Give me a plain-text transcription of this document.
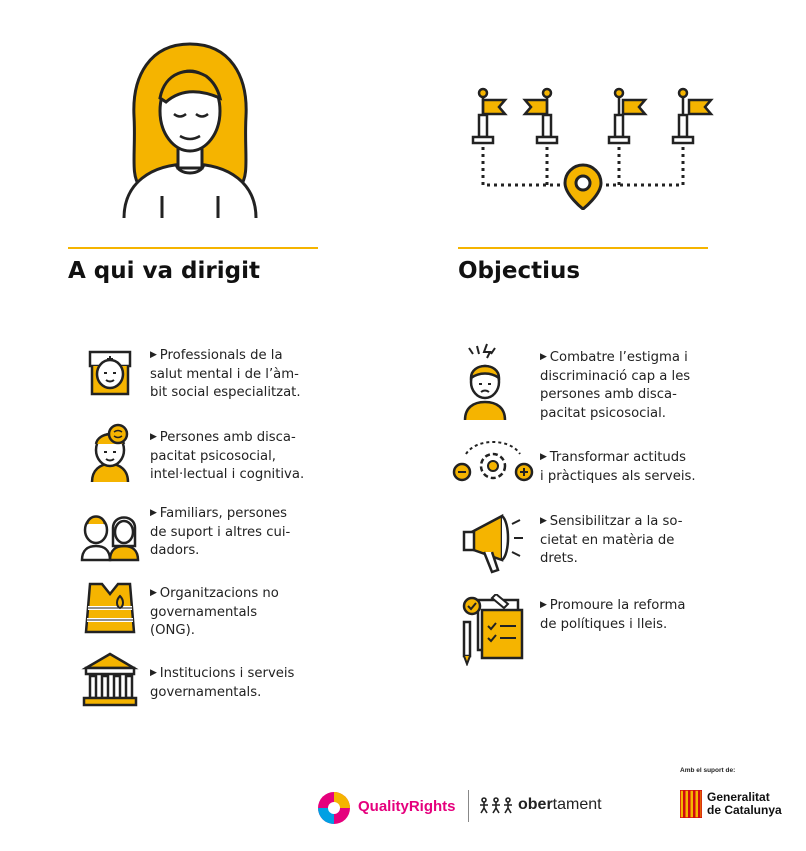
A qui va dirigit	Objectius
▶ Professionals de la
salut mental i de l’àm-
bit social especialitzat.
▶ Persones amb disca-
pacitat psicosocial,
intel·lectual i cognitiva.
▶ Familiars, persones
de suport i altres cui-
dadors.
▶ Organitzacions no
governamentals
(ONG).
▶ Institucions i serveis
governamentals.
▶ Combatre l’estigma i
discriminació cap a les
persones amb disca-
pacitat psicosocial.
▶ Transformar actituds
i pràctiques als serveis.
▶ Sensibilitzar a la so-
cietat en matèria de
drets.
▶ Promoure la reforma
de polítiques i lleis.
Amb el suport de:
QualityRights	obertament	Generalitat
de Catalunya
